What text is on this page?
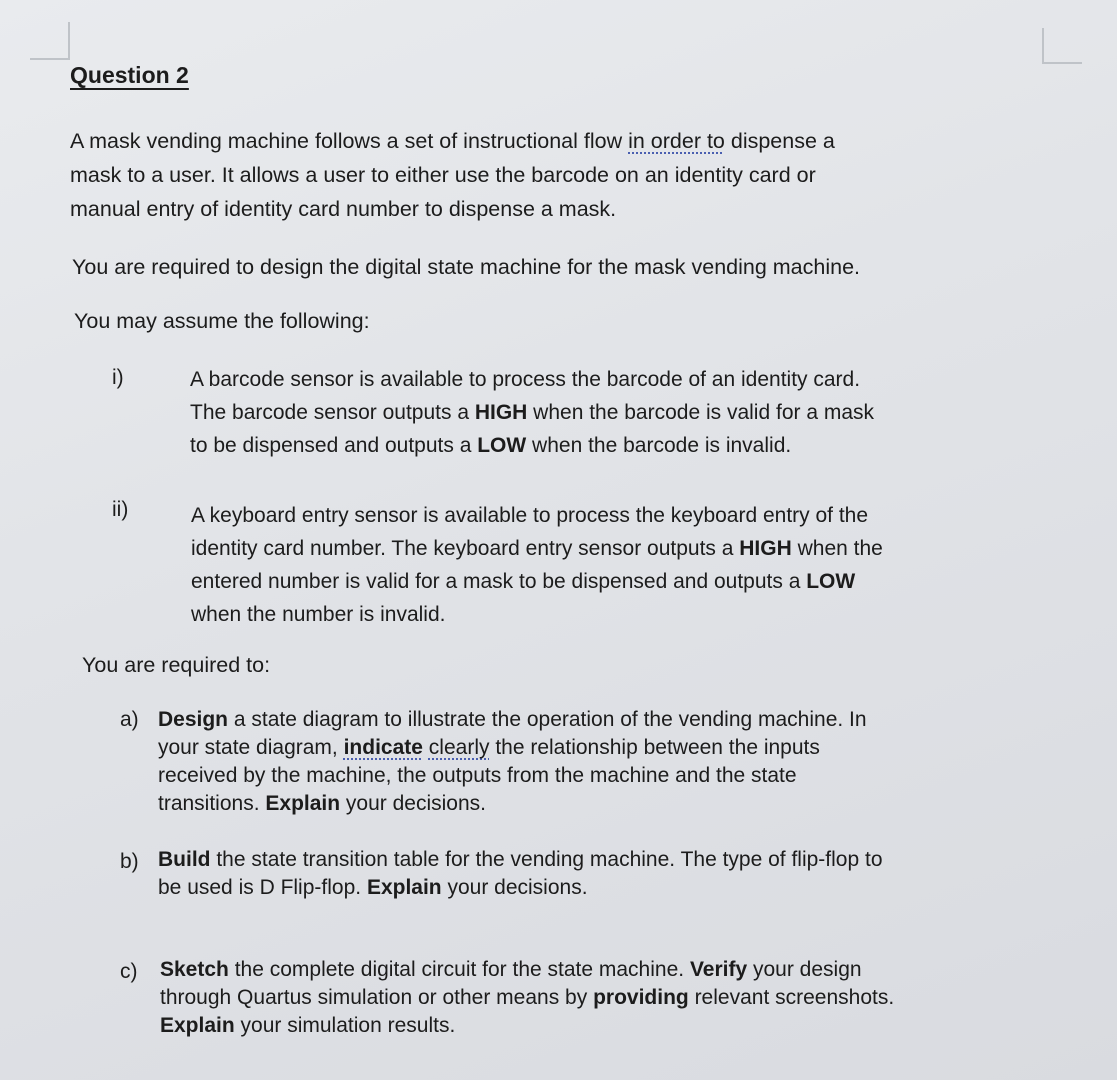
Question 2
A mask vending machine follows a set of instructional flow in order to dispense a
mask to a user. It allows a user to either use the barcode on an identity card or
manual entry of identity card number to dispense a mask.
You are required to design the digital state machine for the mask vending machine.
You may assume the following:
i)	A barcode sensor is available to process the barcode of an identity card.
The barcode sensor outputs a HIGH when the barcode is valid for a mask
to be dispensed and outputs a LOW when the barcode is invalid.
ii)	A keyboard entry sensor is available to process the keyboard entry of the
identity card number. The keyboard entry sensor outputs a HIGH when the
entered number is valid for a mask to be dispensed and outputs a LOW
when the number is invalid.
You are required to:
a) Design a state diagram to illustrate the operation of the vending machine. In
your state diagram, indicate clearly the relationship between the inputs
received by the machine, the outputs from the machine and the state
transitions. Explain your decisions.
b) Build the state transition table for the vending machine. The type of flip-flop to
be used is D Flip-flop. Explain your decisions.
c) Sketch the complete digital circuit for the state machine. Verify your design
through Quartus simulation or other means by providing relevant screenshots.
Explain your simulation results.
